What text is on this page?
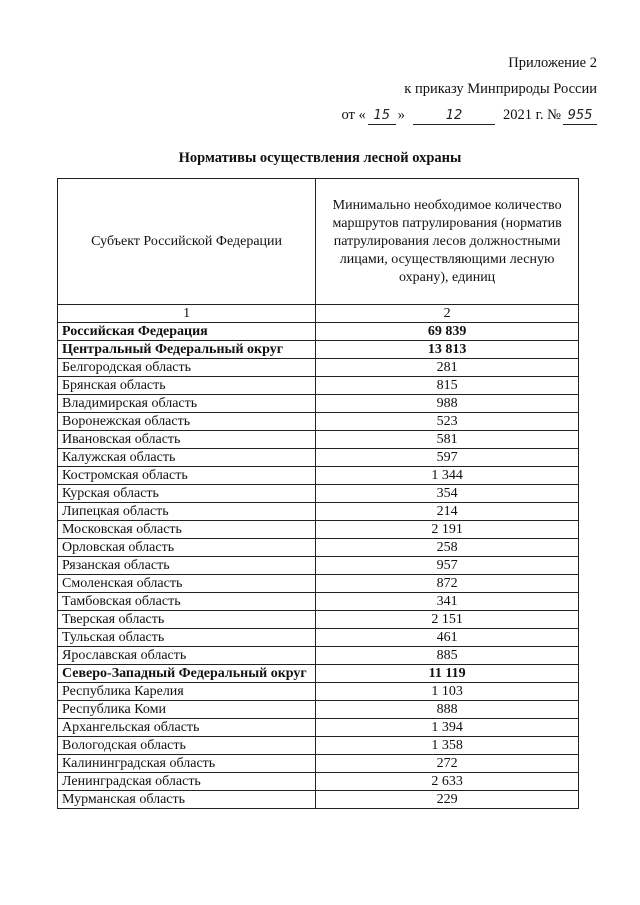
Приложение 2
к приказу Минприроды России
от « 15 »	12	2021 г. № 955
Нормативы осуществления лесной охраны
Субъект Российской Федерации	Минимально необходимое количество маршрутов патрулирования (норматив патрулирования лесов должностными лицами, осуществляющими лесную охрану), единиц
1	2
Российская Федерация	69 839
Центральный Федеральный округ	13 813
Белгородская область	281
Брянская область	815
Владимирская область	988
Воронежская область	523
Ивановская область	581
Калужская область	597
Костромская область	1 344
Курская область	354
Липецкая область	214
Московская область	2 191
Орловская область	258
Рязанская область	957
Смоленская область	872
Тамбовская область	341
Тверская область	2 151
Тульская область	461
Ярославская область	885
Северо-Западный Федеральный округ	11 119
Республика Карелия	1 103
Республика Коми	888
Архангельская область	1 394
Вологодская область	1 358
Калининградская область	272
Ленинградская область	2 633
Мурманская область	229
